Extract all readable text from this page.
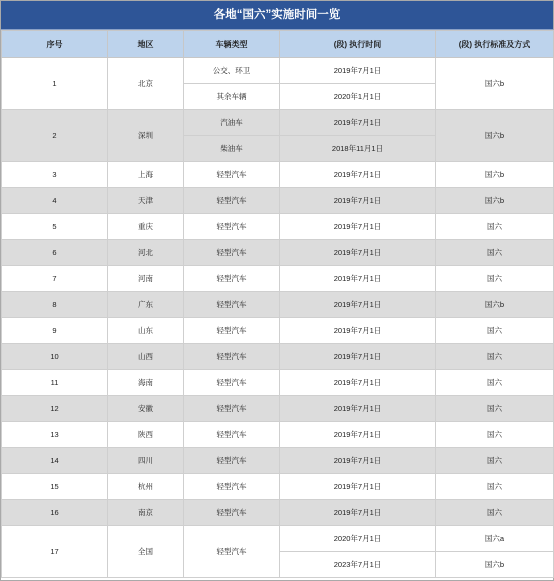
各地“国六”实施时间一览
序号	地区	车辆类型	(段) 执行时间	(段) 执行标准及方式
1	北京	公交、环卫	2019年7月1日	国六b
		其余车辆	2020年1月1日	
2	深圳	汽油车	2019年7月1日	国六b
		柴油车	2018年11月1日	
3	上海	轻型汽车	2019年7月1日	国六b
4	天津	轻型汽车	2019年7月1日	国六b
5	重庆	轻型汽车	2019年7月1日	国六
6	河北	轻型汽车	2019年7月1日	国六
7	河南	轻型汽车	2019年7月1日	国六
8	广东	轻型汽车	2019年7月1日	国六b
9	山东	轻型汽车	2019年7月1日	国六
10	山西	轻型汽车	2019年7月1日	国六
11	海南	轻型汽车	2019年7月1日	国六
12	安徽	轻型汽车	2019年7月1日	国六
13	陕西	轻型汽车	2019年7月1日	国六
14	四川	轻型汽车	2019年7月1日	国六
15	杭州	轻型汽车	2019年7月1日	国六
16	南京	轻型汽车	2019年7月1日	国六
17	全国	轻型汽车	2020年7月1日	国六a
			2023年7月1日	国六b
